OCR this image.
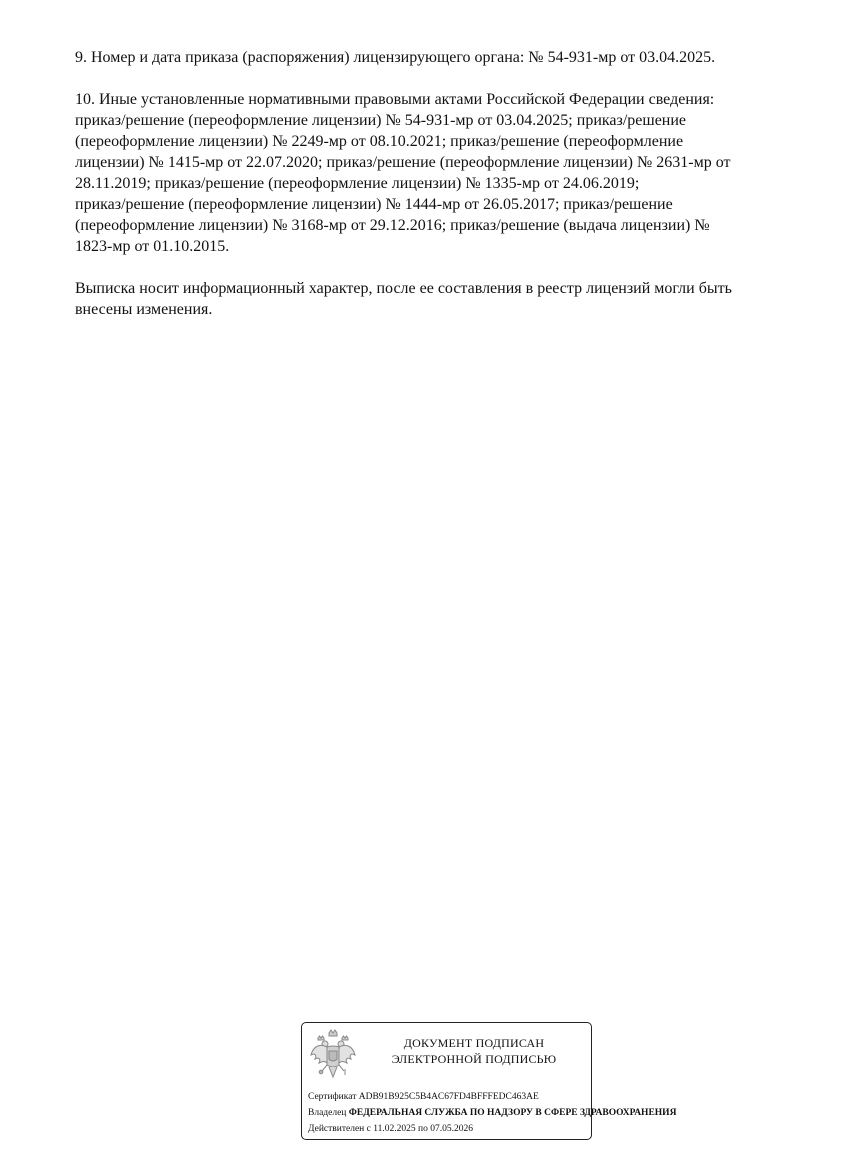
9. Номер и дата приказа (распоряжения) лицензирующего органа: № 54-931-мр от 03.04.2025.

10. Иные установленные нормативными правовыми актами Российской Федерации сведения:
приказ/решение (переоформление лицензии) № 54-931-мр от 03.04.2025; приказ/решение
(переоформление лицензии) № 2249-мр от 08.10.2021; приказ/решение (переоформление
лицензии) № 1415-мр от 22.07.2020; приказ/решение (переоформление лицензии) № 2631-мр от
28.11.2019; приказ/решение (переоформление лицензии) № 1335-мр от 24.06.2019;
приказ/решение (переоформление лицензии) № 1444-мр от 26.05.2017; приказ/решение
(переоформление лицензии) № 3168-мр от 29.12.2016; приказ/решение (выдача лицензии) №
1823-мр от 01.10.2015.

Выписка носит информационный характер, после ее составления в реестр лицензий могли быть
внесены изменения.

ДОКУМЕНТ ПОДПИСАН
ЭЛЕКТРОННОЙ ПОДПИСЬЮ
Сертификат ADB91B925C5B4AC67FD4BFFFEDC463AE
Владелец ФЕДЕРАЛЬНАЯ СЛУЖБА ПО НАДЗОРУ В СФЕРЕ ЗДРАВООХРАНЕНИЯ
Действителен с 11.02.2025 по 07.05.2026
